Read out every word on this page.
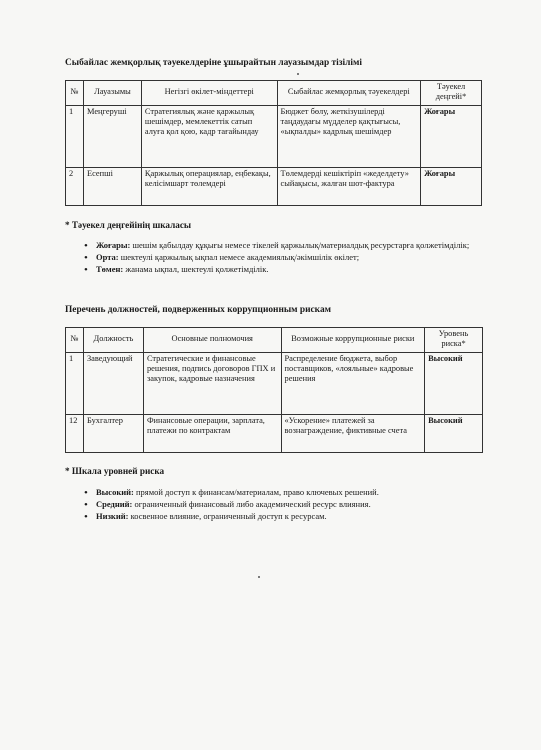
Сыбайлас жемқорлық тәуекелдеріне ұшырайтын лауазымдар тізілімі
№	Лауазымы	Негізгі өкілет-міндеттері	Сыбайлас жемқорлық тәуекелдері	Тәуекел деңгейі*
1	Меңгеруші	Стратегиялық және қаржылық шешімдер, мемлекеттік сатып алуға қол қою, кадр тағайындау	Бюджет бөлу, жеткізушілерді таңдаудағы мүдделер қақтығысы, «ықпалды» кадрлық шешімдер	Жоғары
2	Есепші	Қаржылық операциялар, еңбекақы, келісімшарт төлемдері	Төлемдерді кешіктіріп «жеделдету» сыйақысы, жалған шот-фактура	Жоғары
* Тәуекел деңгейінің шкаласы
• Жоғары: шешім қабылдау құқығы немесе тікелей қаржылық/материалдық ресурстарға қолжетімділік;
• Орта: шектеулі қаржылық ықпал немесе академиялық/әкімшілік өкілет;
• Төмен: жанама ықпал, шектеулі қолжетімділік.
Перечень должностей, подверженных коррупционным рискам
№	Должность	Основные полномочия	Возможные коррупционные риски	Уровень риска*
1	Заведующий	Стратегические и финансовые решения, подпись договоров ГПХ и закупок, кадровые назначения	Распределение бюджета, выбор поставщиков, «лояльные» кадровые решения	Высокий
12	Бухгалтер	Финансовые операции, зарплата, платежи по контрактам	«Ускорение» платежей за вознаграждение, фиктивные счета	Высокий
* Шкала уровней риска
• Высокий: прямой доступ к финансам/материалам, право ключевых решений.
• Средний: ограниченный финансовый либо академический ресурс влияния.
• Низкий: косвенное влияние, ограниченный доступ к ресурсам.
